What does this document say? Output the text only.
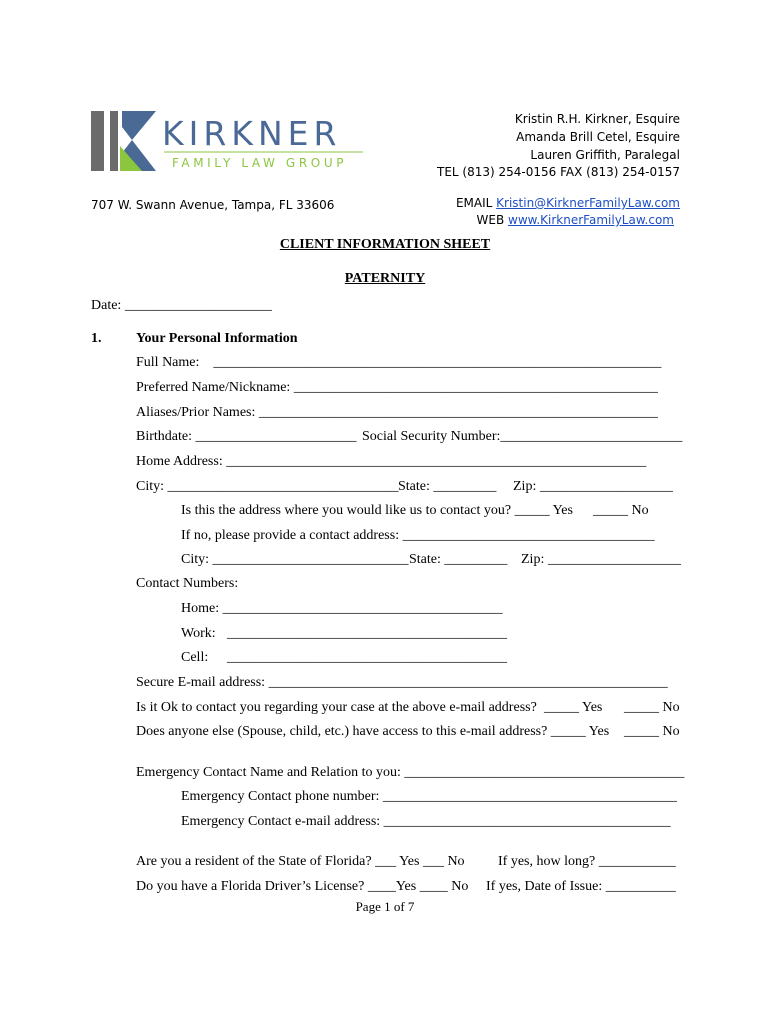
KIRKNER
FAMILY LAW GROUP
707 W. Swann Avenue, Tampa, FL 33606
Kristin R.H. Kirkner, Esquire
Amanda Brill Cetel, Esquire
Lauren Griffith, Paralegal
TEL (813) 254-0156 FAX (813) 254-0157

EMAIL Kristin@KirknerFamilyLaw.com

WEB www.KirknerFamilyLaw.com

CLIENT INFORMATION SHEET
PATERNITY
Date: _____________________
1. Your Personal Information
Full Name:    ________________________________________________________________
Preferred Name/Nickname: ____________________________________________________
Aliases/Prior Names: _________________________________________________________
Birthdate: _______________________ Social Security Number:__________________________
Home Address: ____________________________________________________________
City: _________________________________ State: _________ Zip: ___________________
Is this the address where you would like us to contact you? _____ Yes _____ No
If no, please provide a contact address: ____________________________________
City: ____________________________ State: _________ Zip: ___________________
Contact Numbers:
Home: ________________________________________
Work: ________________________________________
Cell: ________________________________________
Secure E-mail address: _________________________________________________________
Is it Ok to contact you regarding your case at the above e-mail address? _____ Yes _____ No
Does anyone else (Spouse, child, etc.) have access to this e-mail address? _____ Yes _____ No
Emergency Contact Name and Relation to you: ________________________________________
Emergency Contact phone number: __________________________________________
Emergency Contact e-mail address: _________________________________________
Are you a resident of the State of Florida? ___ Yes ___ No If yes, how long? ___________
Do you have a Florida Driver’s License? ____Yes ____ No If yes, Date of Issue: __________
Page 1 of 7
